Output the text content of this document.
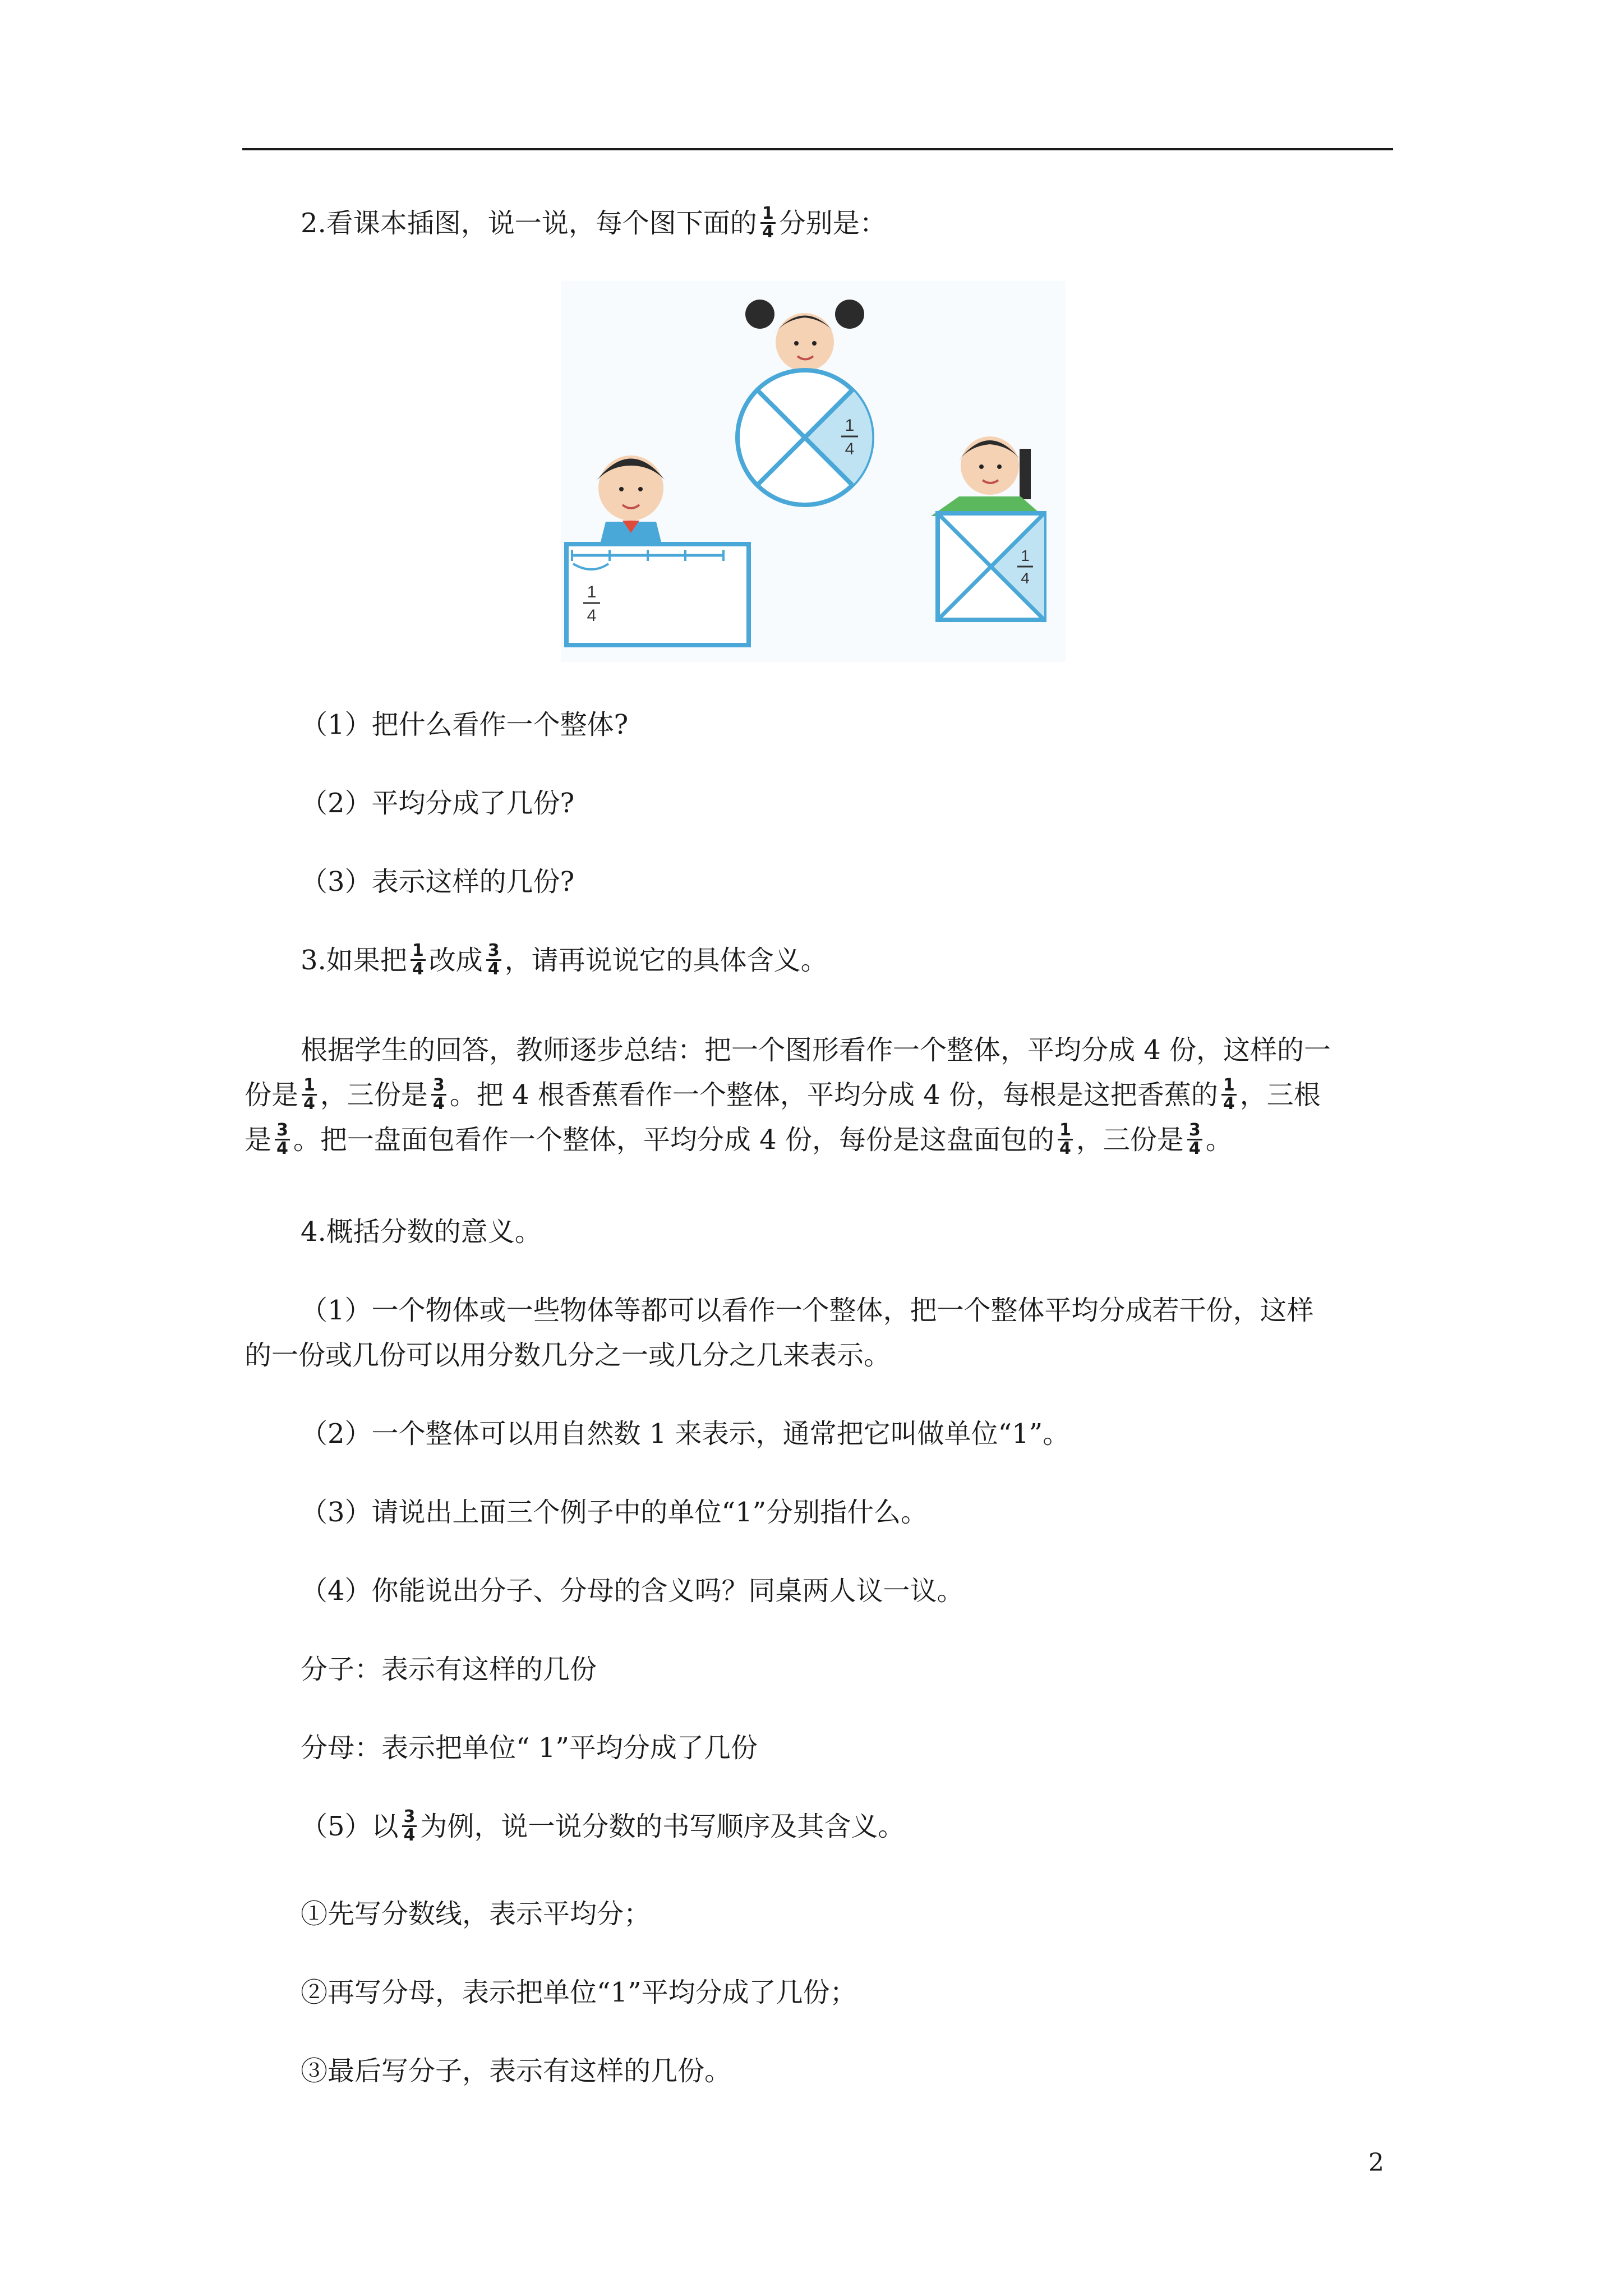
2.看课本插图，说一说，每个图下面的 $\frac{1}{4}$ 分别是：
1
4
1
4
1
4
（1）把什么看作一个整体?
（2）平均分成了几份?
（3）表示这样的几份?
3.如果把 $\frac{1}{4}$ 改成 $\frac{3}{4}$ ，请再说说它的具体含义。
根据学生的回答，教师逐步总结：把一个图形看作一个整体，平均分成 4 份，这样的一
份是 $\frac{1}{4}$ ，三份是 $\frac{3}{4}$ 。把 4 根香蕉看作一个整体，平均分成 4 份，每根是这把香蕉的 $\frac{1}{4}$ ，三根
是 $\frac{3}{4}$ 。把一盘面包看作一个整体，平均分成 4 份，每份是这盘面包的 $\frac{1}{4}$ ，三份是 $\frac{3}{4}$ 。
4.概括分数的意义。
（1）一个物体或一些物体等都可以看作一个整体，把一个整体平均分成若干份，这样
的一份或几份可以用分数几分之一或几分之几来表示。
（2）一个整体可以用自然数 1 来表示，通常把它叫做单位“1”。
（3）请说出上面三个例子中的单位“1”分别指什么。
（4）你能说出分子、分母的含义吗？同桌两人议一议。
分子：表示有这样的几份
分母：表示把单位“ 1”平均分成了几份
（5）以 $\frac{3}{4}$ 为例，说一说分数的书写顺序及其含义。
①先写分数线，表示平均分；
②再写分母，表示把单位“1”平均分成了几份；
③最后写分子，表示有这样的几份。
2
